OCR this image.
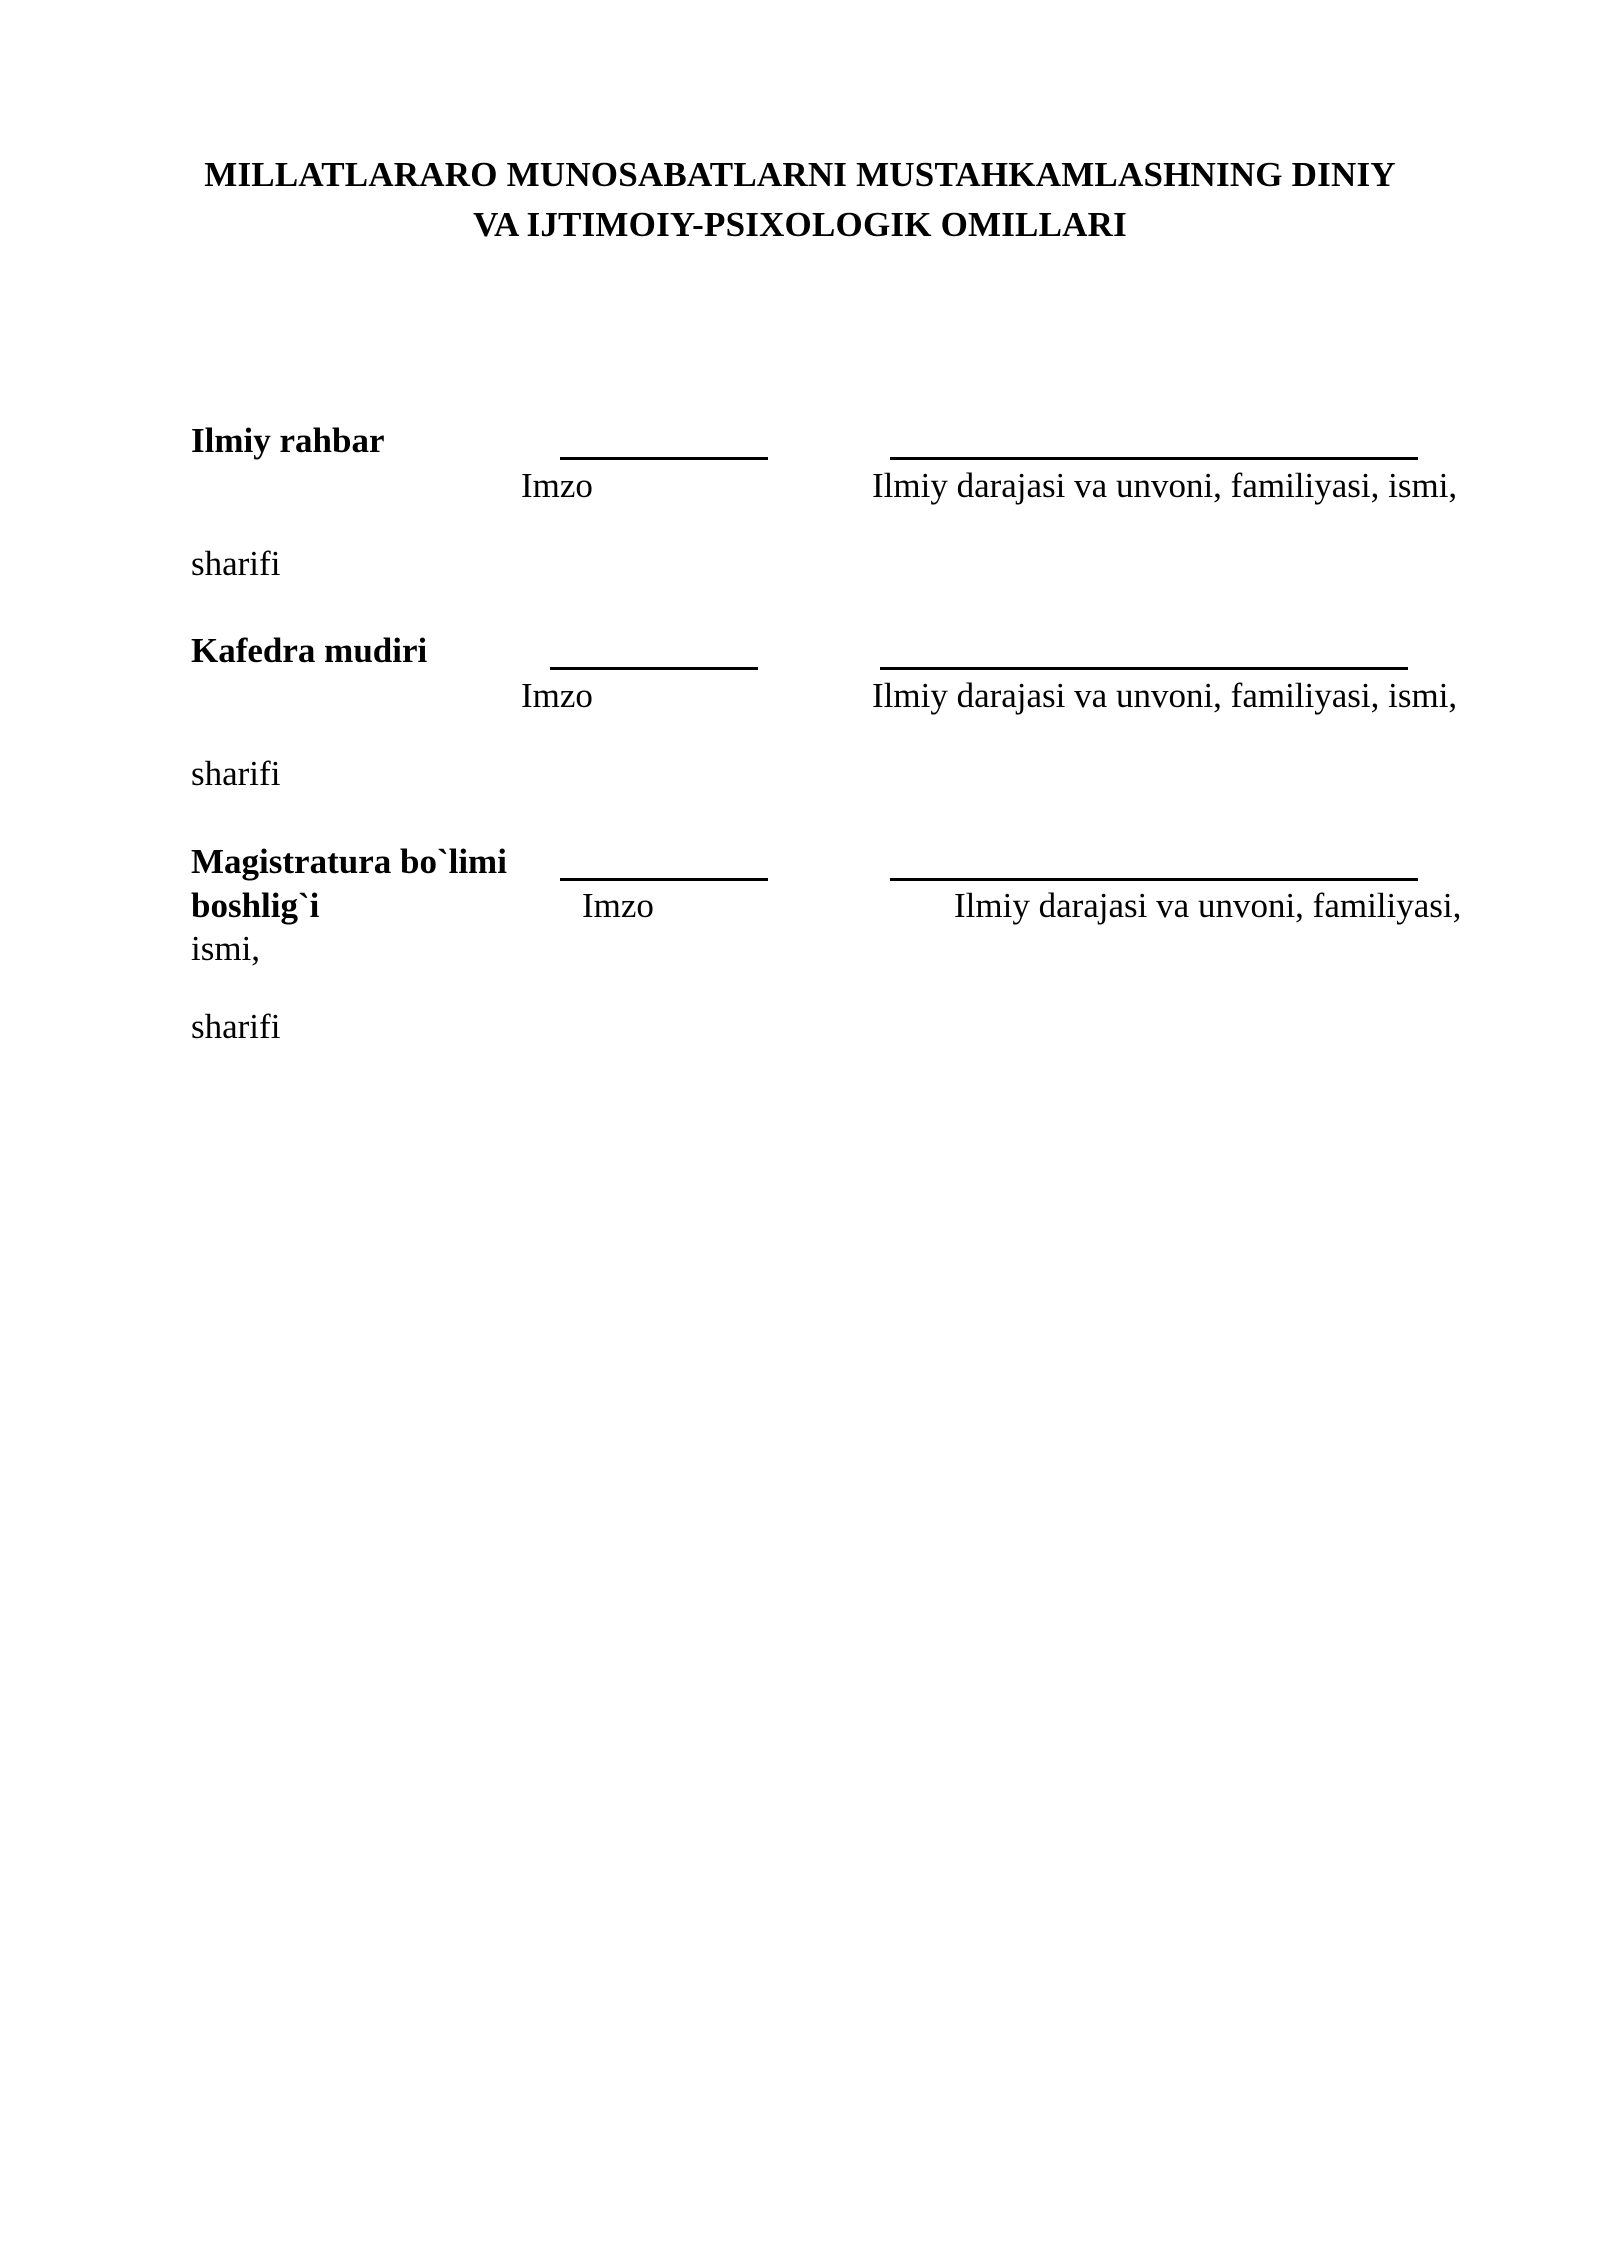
MILLATLARARO MUNOSABATLARNI MUSTAHKAMLASHNING DINIY
VA IJTIMOIY-PSIXOLOGIK OMILLARI
Ilmiy rahbar
Imzo	Ilmiy darajasi va unvoni, familiyasi, ismi,
sharifi
Kafedra mudiri
Imzo	Ilmiy darajasi va unvoni, familiyasi, ismi,
sharifi
Magistratura bo`limi
boshlig`i	Imzo	Ilmiy darajasi va unvoni, familiyasi,
ismi,
sharifi
